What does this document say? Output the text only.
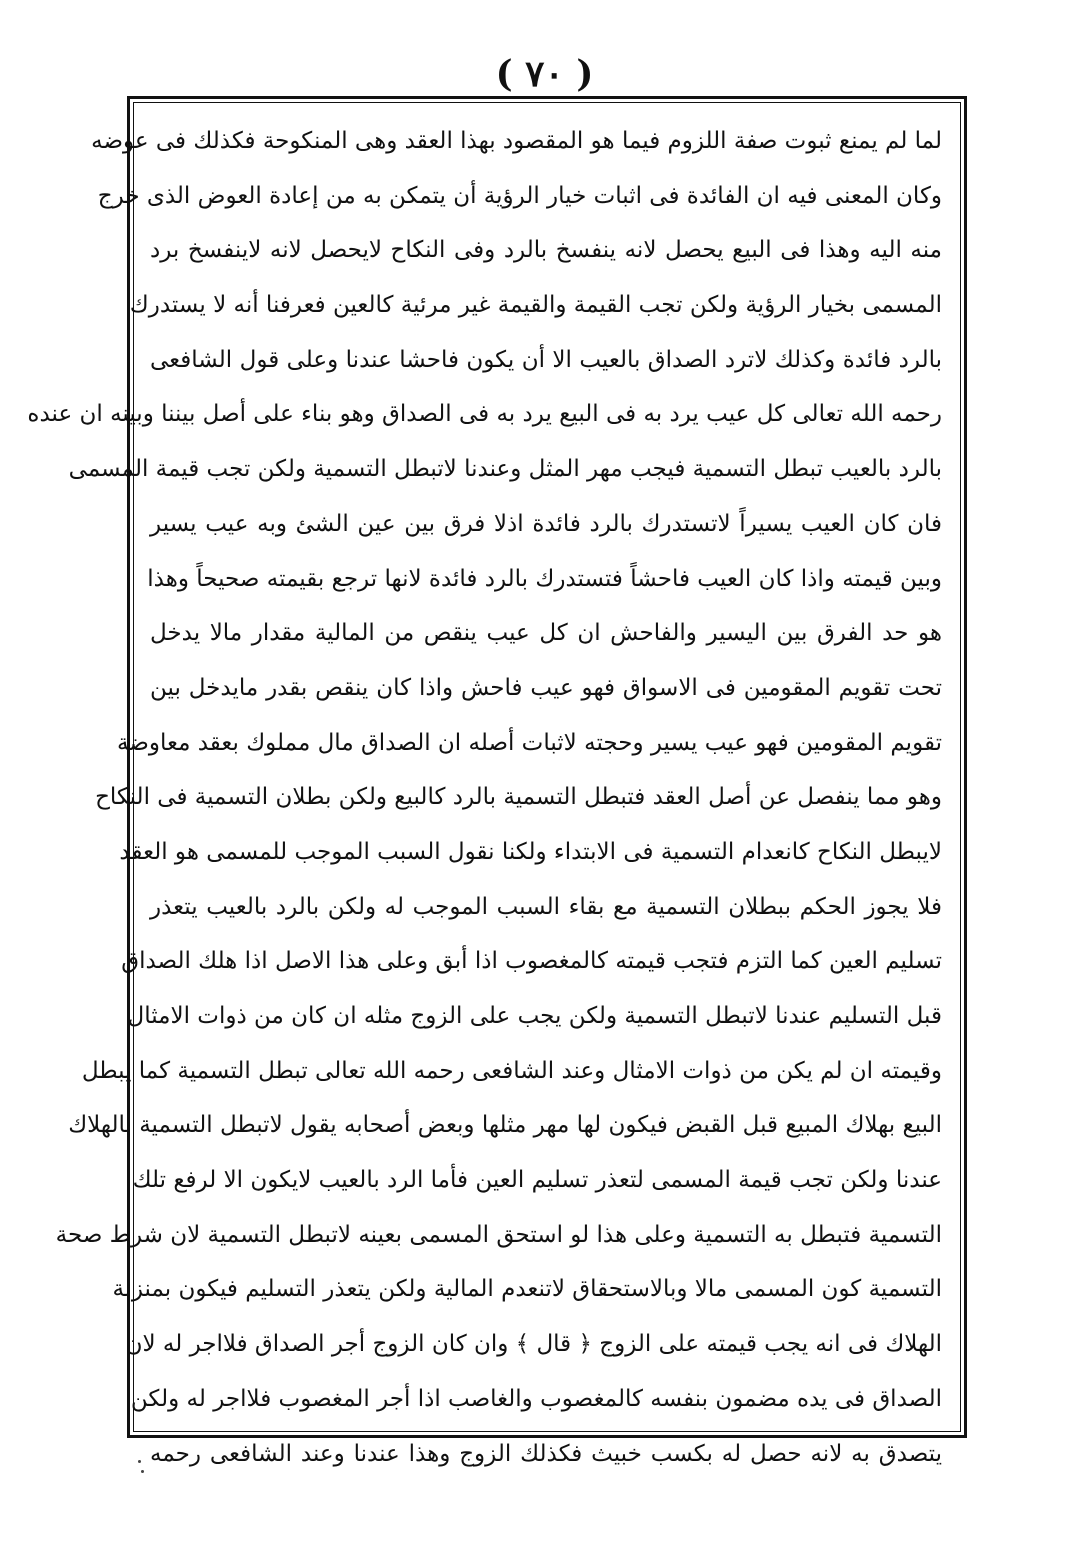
( ٧٠ )
لما لم يمنع ثبوت صفة اللزوم فيما هو المقصود بهذا العقد وهى المنكوحة فكذلك فى عوضه
وكان المعنى فيه ان الفائدة فى اثبات خيار الرؤية أن يتمكن به من إعادة العوض الذى خرج
منه اليه وهذا فى البيع يحصل لانه ينفسخ بالرد وفى النكاح لايحصل لانه لاينفسخ برد
المسمى بخيار الرؤية ولكن تجب القيمة والقيمة غير مرئية كالعين فعرفنا أنه لا يستدرك
بالرد فائدة وكذلك لاترد الصداق بالعيب الا أن يكون فاحشا عندنا وعلى قول الشافعى
رحمه الله تعالى كل عيب يرد به فى البيع يرد به فى الصداق وهو بناء على أصل بيننا وبينه ان عنده
بالرد بالعيب تبطل التسمية فيجب مهر المثل وعندنا لاتبطل التسمية ولكن تجب قيمة المسمى
فان كان العيب يسيراً لاتستدرك بالرد فائدة اذلا فرق بين عين الشئ وبه عيب يسير
وبين قيمته واذا كان العيب فاحشاً فتستدرك بالرد فائدة لانها ترجع بقيمته صحيحاً وهذا
هو حد الفرق بين اليسير والفاحش ان كل عيب ينقص من المالية مقدار مالا يدخل
تحت تقويم المقومين فى الاسواق فهو عيب فاحش واذا كان ينقص بقدر مايدخل بين
تقويم المقومين فهو عيب يسير وحجته لاثبات أصله ان الصداق مال مملوك بعقد معاوضة
وهو مما ينفصل عن أصل العقد فتبطل التسمية بالرد كالبيع ولكن بطلان التسمية فى النكاح
لايبطل النكاح كانعدام التسمية فى الابتداء ولكنا نقول السبب الموجب للمسمى هو العقد
فلا يجوز الحكم ببطلان التسمية مع بقاء السبب الموجب له ولكن بالرد بالعيب يتعذر
تسليم العين كما التزم فتجب قيمته كالمغصوب اذا أبق وعلى هذا الاصل اذا هلك الصداق
قبل التسليم عندنا لاتبطل التسمية ولكن يجب على الزوج مثله ان كان من ذوات الامثال
وقيمته ان لم يكن من ذوات الامثال وعند الشافعى رحمه الله تعالى تبطل التسمية كما يبطل
البيع بهلاك المبيع قبل القبض فيكون لها مهر مثلها وبعض أصحابه يقول لاتبطل التسمية بالهلاك
عندنا ولكن تجب قيمة المسمى لتعذر تسليم العين فأما الرد بالعيب لايكون الا لرفع تلك
التسمية فتبطل به التسمية وعلى هذا لو استحق المسمى بعينه لاتبطل التسمية لان شرط صحة
التسمية كون المسمى مالا وبالاستحقاق لاتنعدم المالية ولكن يتعذر التسليم فيكون بمنزلة
الهلاك فى انه يجب قيمته على الزوج ﴿ قال ﴾ وان كان الزوج أجر الصداق فلااجر له لان
الصداق فى يده مضمون بنفسه كالمغصوب والغاصب اذا أجر المغصوب فلااجر له ولكن
يتصدق به لانه حصل له بكسب خبيث فكذلك الزوج وهذا عندنا وعند الشافعى رحمه
